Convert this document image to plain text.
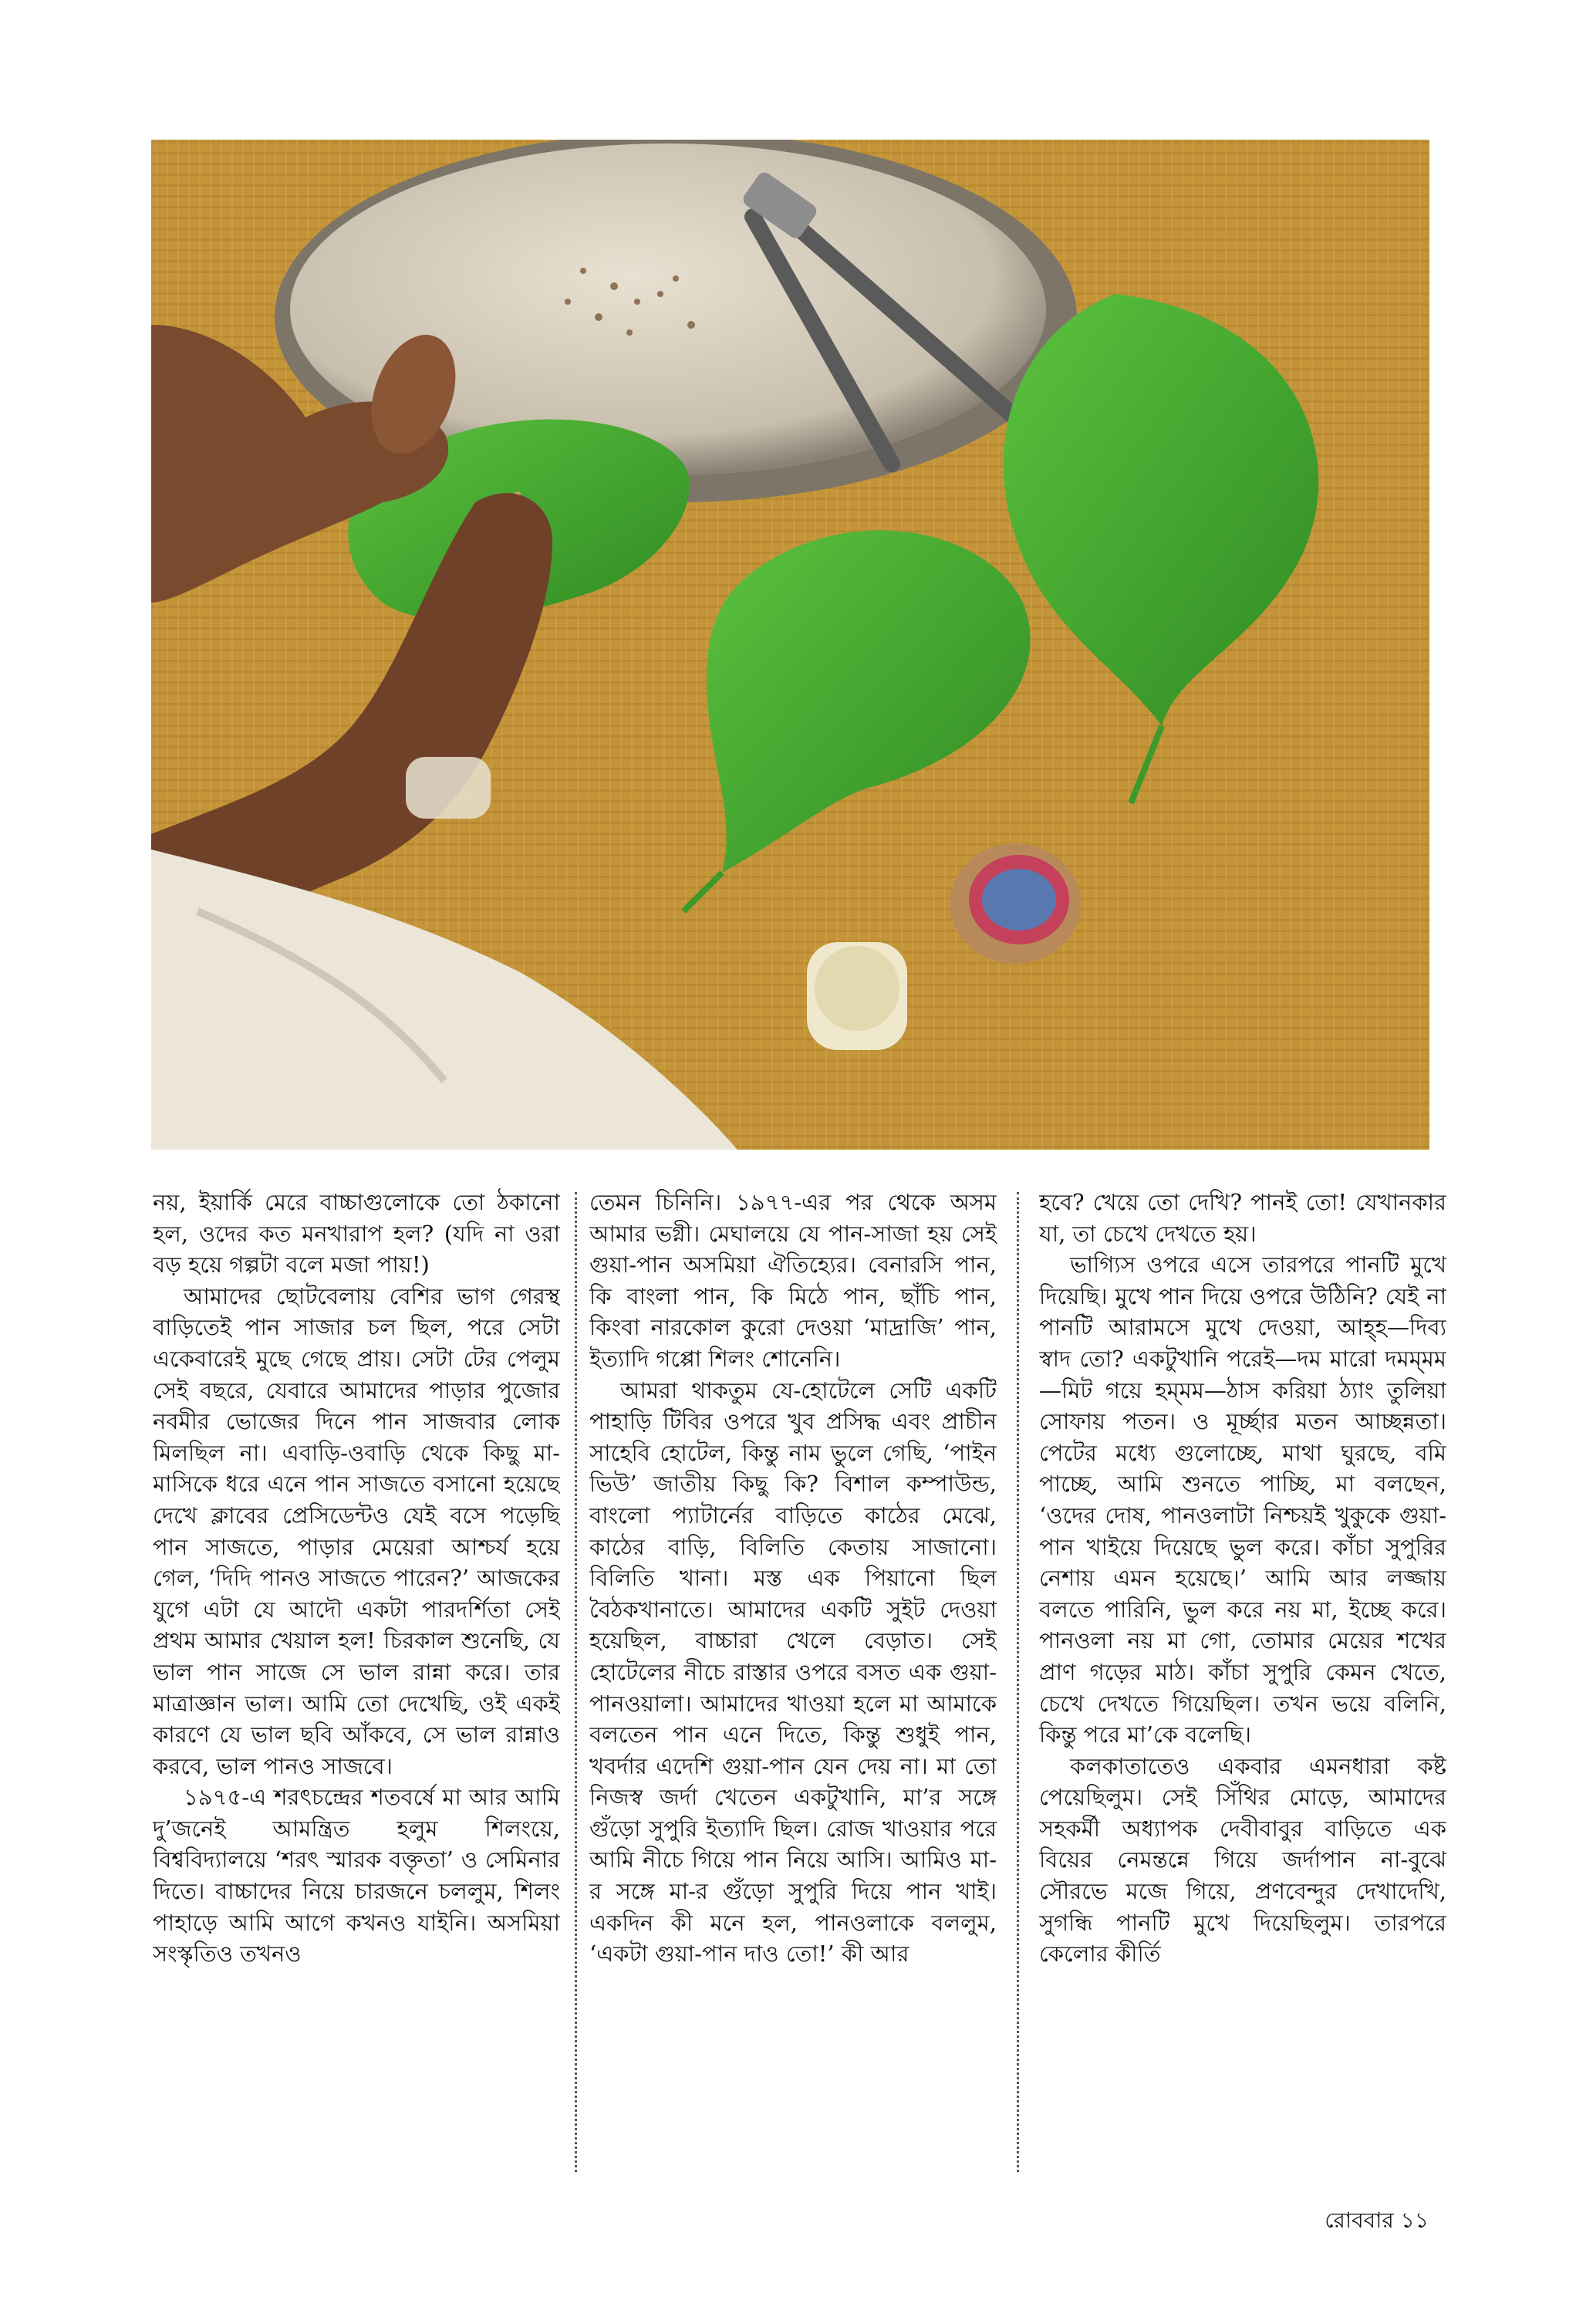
নয়, ইয়ার্কি মেরে বাচ্চাগুলোকে তো ঠকানো হল, ওদের কত মনখারাপ হল? (যদি না ওরা বড় হয়ে গল্পটা বলে মজা পায়!)

আমাদের ছোটবেলায় বেশির ভাগ গেরস্থ বাড়িতেই পান সাজার চল ছিল, পরে সেটা একেবারেই মুছে গেছে প্রায়। সেটা টের পেলুম সেই বছরে, যেবারে আমাদের পাড়ার পুজোর নবমীর ভোজের দিনে পান সাজবার লোক মিলছিল না। এবাড়ি-ওবাড়ি থেকে কিছু মা-মাসিকে ধরে এনে পান সাজতে বসানো হয়েছে দেখে ক্লাবের প্রেসিডেন্টও যেই বসে পড়েছি পান সাজতে, পাড়ার মেয়েরা আশ্চর্য হয়ে গেল, ‘দিদি পানও সাজতে পারেন?’ আজকের যুগে এটা যে আদৌ একটা পারদর্শিতা সেই প্রথম আমার খেয়াল হল! চিরকাল শুনেছি, যে ভাল পান সাজে সে ভাল রান্না করে। তার মাত্রাজ্ঞান ভাল। আমি তো দেখেছি, ওই একই কারণে যে ভাল ছবি আঁকবে, সে ভাল রান্নাও করবে, ভাল পানও সাজবে।

১৯৭৫-এ শরৎচন্দ্রের শতবর্ষে মা আর আমি দু’জনেই আমন্ত্রিত হলুম শিলংয়ে, বিশ্ববিদ্যালয়ে ‘শরৎ স্মারক বক্তৃতা’ ও সেমিনার দিতে। বাচ্চাদের নিয়ে চারজনে চললুম, শিলং পাহাড়ে আমি আগে কখনও যাইনি। অসমিয়া সংস্কৃতিও তখনও

তেমন চিনিনি। ১৯৭৭-এর পর থেকে অসম আমার ভগ্নী। মেঘালয়ে যে পান-সাজা হয় সেই গুয়া-পান অসমিয়া ঐতিহ্যের। বেনারসি পান, কি বাংলা পান, কি মিঠে পান, ছাঁচি পান, কিংবা নারকোল কুরো দেওয়া ‘মাদ্রাজি’ পান, ইত্যাদি গপ্পো শিলং শোনেনি।

আমরা থাকতুম যে-হোটেলে সেটি একটি পাহাড়ি টিবির ওপরে খুব প্রসিদ্ধ এবং প্রাচীন সাহেবি হোটেল, কিন্তু নাম ভুলে গেছি, ‘পাইন ভিউ’ জাতীয় কিছু কি? বিশাল কম্পাউন্ড, বাংলো প্যাটার্নের বাড়িতে কাঠের মেঝে, কাঠের বাড়ি, বিলিতি কেতায় সাজানো। বিলিতি খানা। মস্ত এক পিয়ানো ছিল বৈঠকখানাতে। আমাদের একটি সুইট দেওয়া হয়েছিল, বাচ্চারা খেলে বেড়াত। সেই হোটেলের নীচে রাস্তার ওপরে বসত এক গুয়া-পানওয়ালা। আমাদের খাওয়া হলে মা আমাকে বলতেন পান এনে দিতে, কিন্তু শুধুই পান, খবর্দার এদেশি গুয়া-পান যেন দেয় না। মা তো নিজস্ব জর্দা খেতেন একটুখানি, মা’র সঙ্গে গুঁড়ো সুপুরি ইত্যাদি ছিল। রোজ খাওয়ার পরে আমি নীচে গিয়ে পান নিয়ে আসি। আমিও মা-র সঙ্গে মা-র গুঁড়ো সুপুরি দিয়ে পান খাই। একদিন কী মনে হল, পানওলাকে বললুম, ‘একটা গুয়া-পান দাও তো!’ কী আর

হবে? খেয়ে তো দেখি? পানই তো! যেখানকার যা, তা চেখে দেখতে হয়।

ভাগ্যিস ওপরে এসে তারপরে পানটি মুখে দিয়েছি। মুখে পান দিয়ে ওপরে উঠিনি? যেই না পানটি আরামসে মুখে দেওয়া, আহ্‌হ—দিব্য স্বাদ তো? একটুখানি পরেই—দম মারো দমম্‌মম—মিট গয়ে হম্‌মম—ঠাস করিয়া ঠ্যাং তুলিয়া সোফায় পতন। ও মূর্চ্ছার মতন আচ্ছন্নতা। পেটের মধ্যে গুলোচ্ছে, মাথা ঘুরছে, বমি পাচ্ছে, আমি শুনতে পাচ্ছি, মা বলছেন, ‘ওদের দোষ, পানওলাটা নিশ্চয়ই খুকুকে গুয়া-পান খাইয়ে দিয়েছে ভুল করে। কাঁচা সুপুরির নেশায় এমন হয়েছে।’ আমি আর লজ্জায় বলতে পারিনি, ভুল করে নয় মা, ইচ্ছে করে। পানওলা নয় মা গো, তোমার মেয়ের শখের প্রাণ গড়ের মাঠ। কাঁচা সুপুরি কেমন খেতে, চেখে দেখতে গিয়েছিল। তখন ভয়ে বলিনি, কিন্তু পরে মা’কে বলেছি।

কলকাতাতেও একবার এমনধারা কষ্ট পেয়েছিলুম। সেই সিঁথির মোড়ে, আমাদের সহকর্মী অধ্যাপক দেবীবাবুর বাড়িতে এক বিয়ের নেমন্তন্নে গিয়ে জর্দাপান না-বুঝে সৌরভে মজে গিয়ে, প্রণবেন্দুর দেখাদেখি, সুগন্ধি পানটি মুখে দিয়েছিলুম। তারপরে কেলোর কীর্তি

রোববার ১১
